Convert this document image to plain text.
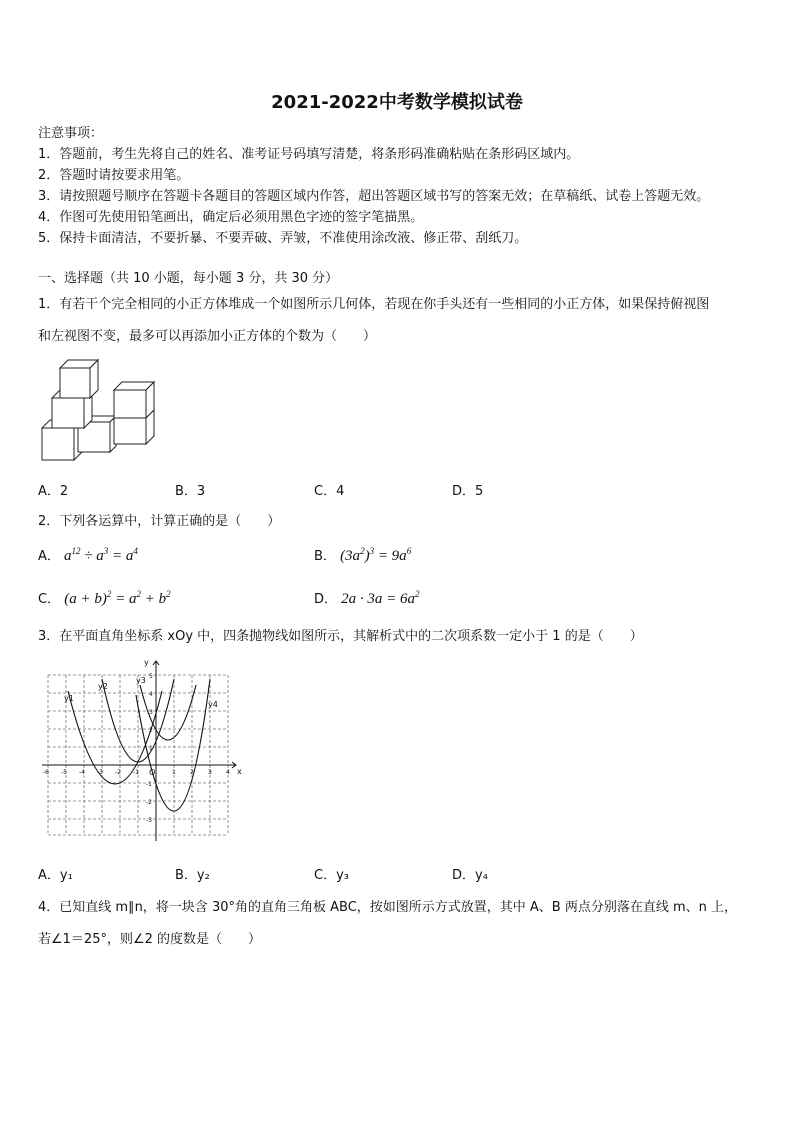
2021-2022中考数学模拟试卷
注意事项：
1．答题前，考生先将自己的姓名、准考证号码填写清楚，将条形码准确粘贴在条形码区域内。
2．答题时请按要求用笔。
3．请按照题号顺序在答题卡各题目的答题区域内作答，超出答题区域书写的答案无效；在草稿纸、试卷上答题无效。
4．作图可先使用铅笔画出，确定后必须用黑色字迹的签字笔描黑。
5．保持卡面清洁，不要折暴、不要弄破、弄皱，不准使用涂改液、修正带、刮纸刀。
一、选择题（共 10 小题，每小题 3 分，共 30 分）
1．有若干个完全相同的小正方体堆成一个如图所示几何体，若现在你手头还有一些相同的小正方体，如果保持俯视图
和左视图不变，最多可以再添加小正方体的个数为（　　）
A．2	B．3	C．4	D．5
2．下列各运算中，计算正确的是（　　）
A． $a^{12} \div a^3 = a^4$	B． $(3a^2)^3 = 9a^6$
C． $(a + b)^2 = a^2 + b^2$	D． $2a \cdot 3a = 6a^2$
3．在平面直角坐标系 xOy 中，四条抛物线如图所示，其解析式中的二次项系数一定小于 1 的是（　　）
x
y
O
y1
y2
y3
y4
-6 -5 -4 -3 -2 -1	1 2 3 4
5
4
3
2
1
-1
-2
-3
A．y₁	B．y₂	C．y₃	D．y₄
4．已知直线 m∥n，将一块含 30°角的直角三角板 ABC，按如图所示方式放置，其中 A、B 两点分别落在直线 m、n 上，
若∠1＝25°，则∠2 的度数是（　　）
